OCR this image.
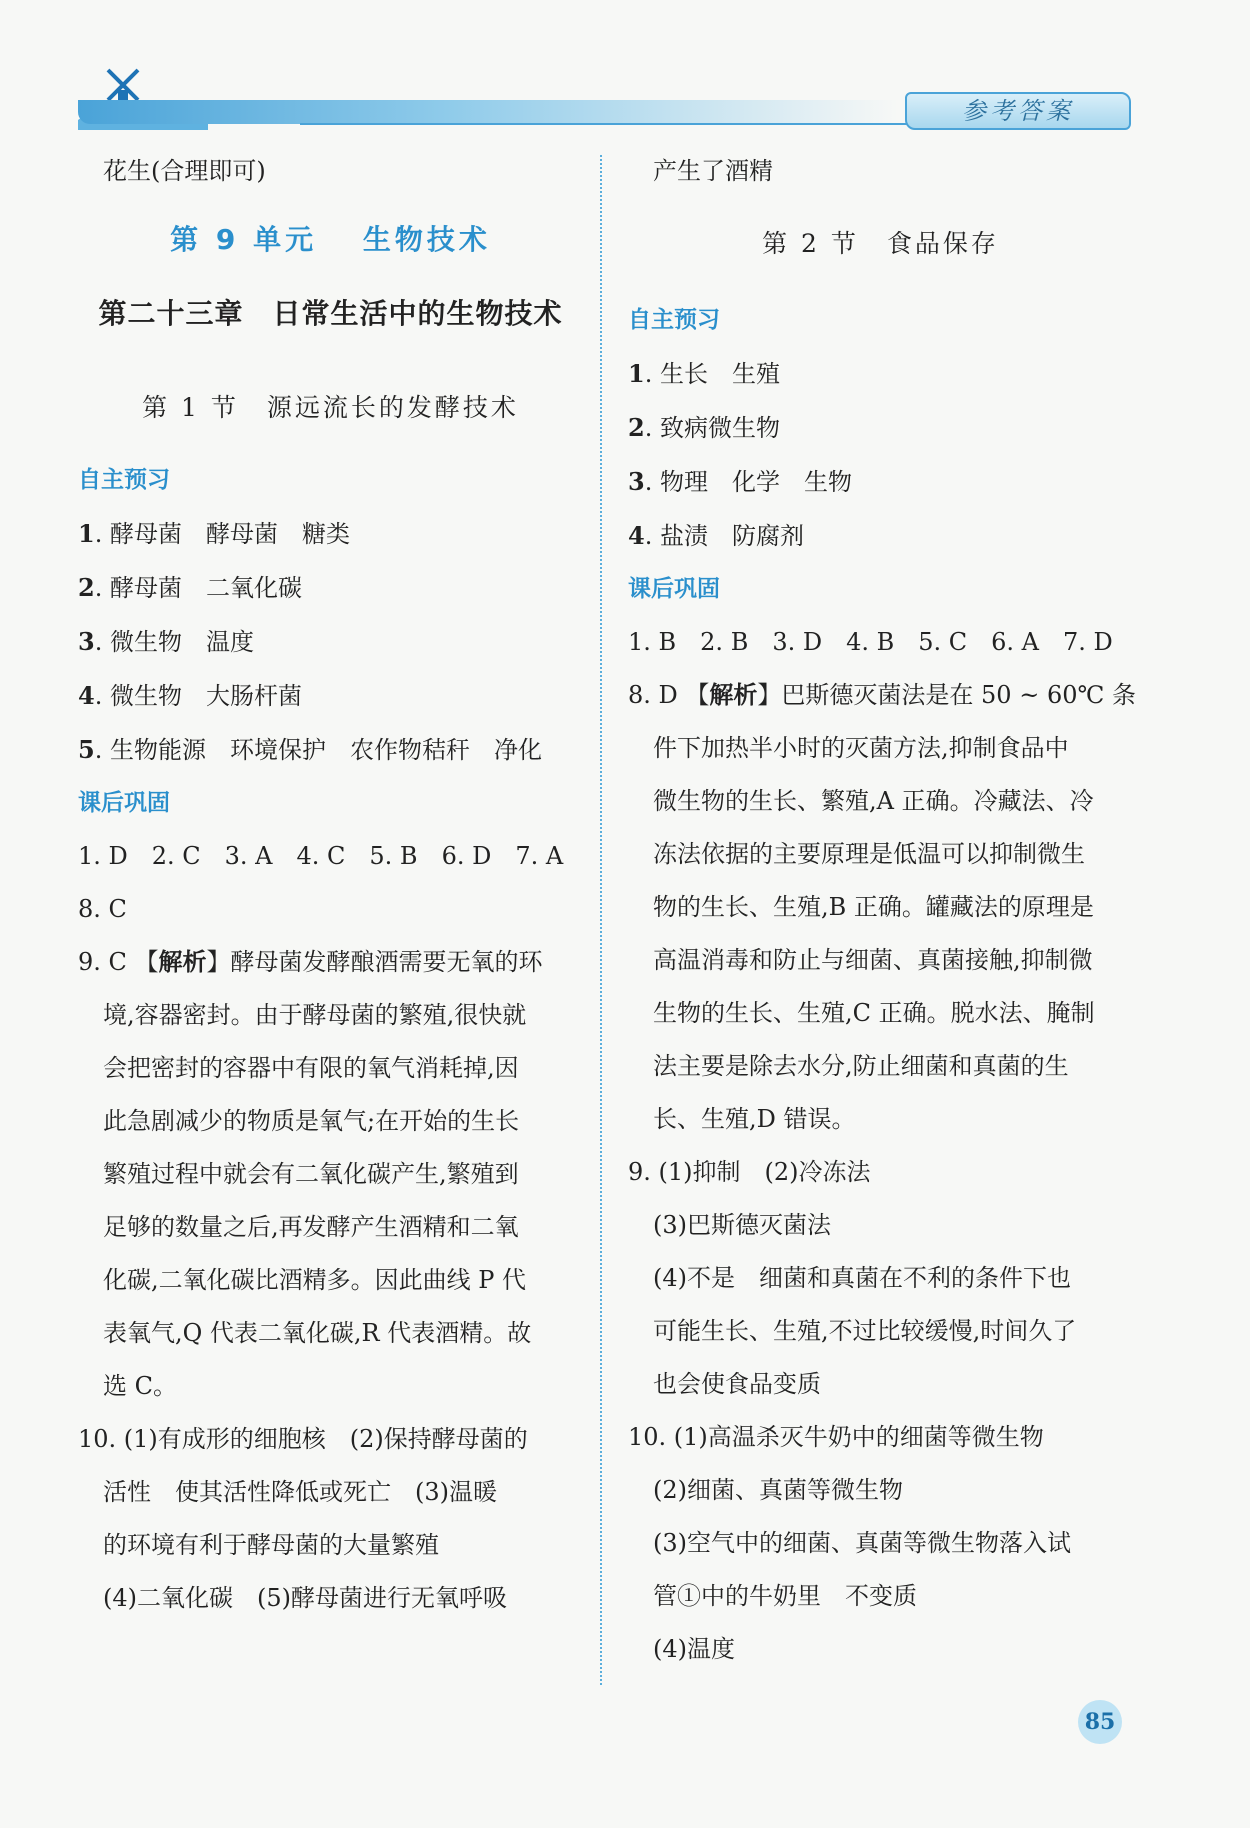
参考答案
花生(合理即可)
第 9 单元　 生物技术
第二十三章　日常生活中的生物技术
第 1 节　源远流长的发酵技术
自主预习
1. 酵母菌　酵母菌　糖类
2. 酵母菌　二氧化碳
3. 微生物　温度
4. 微生物　大肠杆菌
5. 生物能源　环境保护　农作物秸秆　净化
课后巩固
1. D　2. C　3. A　4. C　5. B　6. D　7. A
8. C
9. C 【解析】酵母菌发酵酿酒需要无氧的环
境,容器密封。由于酵母菌的繁殖,很快就
会把密封的容器中有限的氧气消耗掉,因
此急剧减少的物质是氧气;在开始的生长
繁殖过程中就会有二氧化碳产生,繁殖到
足够的数量之后,再发酵产生酒精和二氧
化碳,二氧化碳比酒精多。因此曲线 P 代
表氧气,Q 代表二氧化碳,R 代表酒精。故
选 C。
10. (1)有成形的细胞核　(2)保持酵母菌的
活性　使其活性降低或死亡　(3)温暖
的环境有利于酵母菌的大量繁殖
(4)二氧化碳　(5)酵母菌进行无氧呼吸
产生了酒精
第 2 节　食品保存
自主预习
1. 生长　生殖
2. 致病微生物
3. 物理　化学　生物
4. 盐渍　防腐剂
课后巩固
1. B　2. B　3. D　4. B　5. C　6. A　7. D
8. D 【解析】巴斯德灭菌法是在 50 ~ 60℃ 条
件下加热半小时的灭菌方法,抑制食品中
微生物的生长、繁殖,A 正确。冷藏法、冷
冻法依据的主要原理是低温可以抑制微生
物的生长、生殖,B 正确。罐藏法的原理是
高温消毒和防止与细菌、真菌接触,抑制微
生物的生长、生殖,C 正确。脱水法、腌制
法主要是除去水分,防止细菌和真菌的生
长、生殖,D 错误。
9. (1)抑制　(2)冷冻法
(3)巴斯德灭菌法
(4)不是　细菌和真菌在不利的条件下也
可能生长、生殖,不过比较缓慢,时间久了
也会使食品变质
10. (1)高温杀灭牛奶中的细菌等微生物
(2)细菌、真菌等微生物
(3)空气中的细菌、真菌等微生物落入试
管①中的牛奶里　不变质
(4)温度
85
